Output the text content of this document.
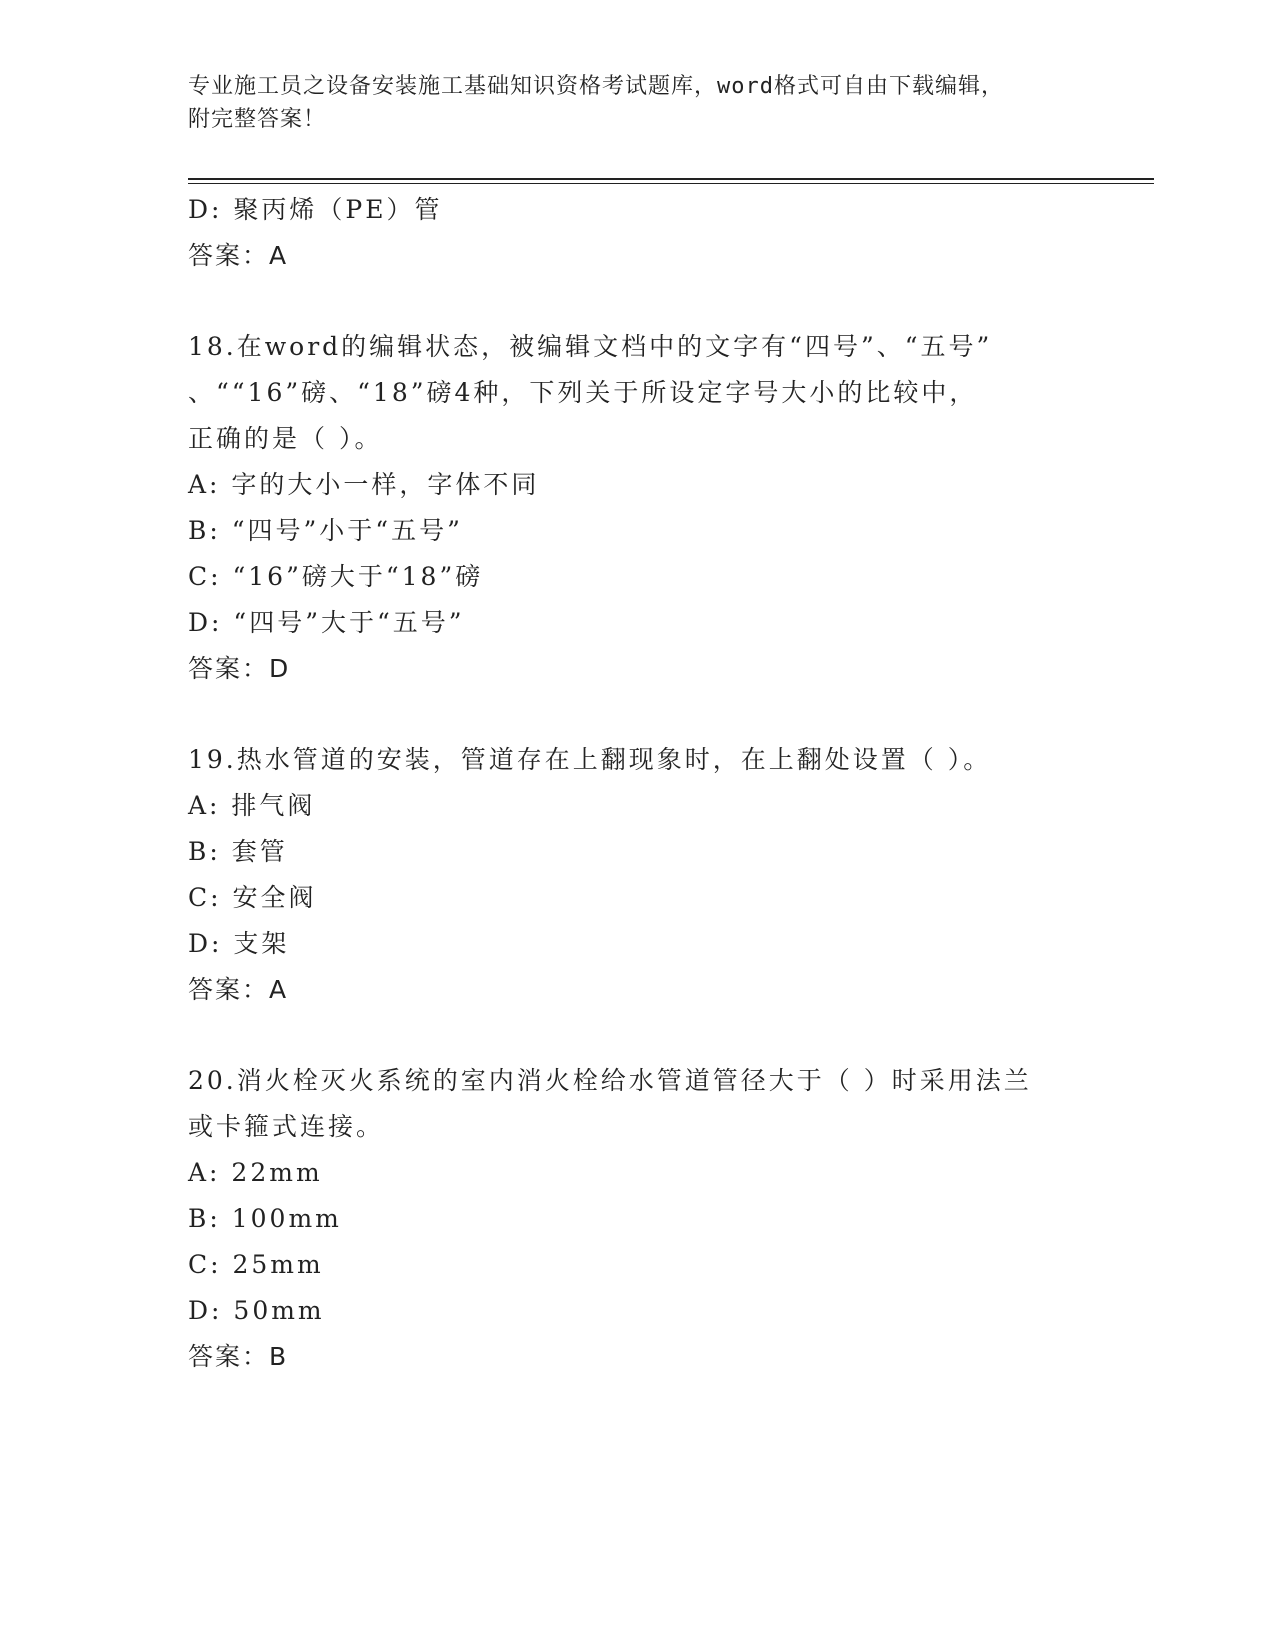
专业施工员之设备安装施工基础知识资格考试题库，word格式可自由下载编辑，
附完整答案！
D: 聚丙烯（PE）管
答案：A
18.在word的编辑状态，被编辑文档中的文字有“四号”、“五号”
、““16”磅、“18”磅4种，下列关于所设定字号大小的比较中，
正确的是（ ）。
A: 字的大小一样，字体不同
B: “四号”小于“五号”
C: “16”磅大于“18”磅
D: “四号”大于“五号”
答案：D
19.热水管道的安装，管道存在上翻现象时，在上翻处设置（ ）。
A: 排气阀
B: 套管
C: 安全阀
D: 支架
答案：A
20.消火栓灭火系统的室内消火栓给水管道管径大于（ ）时采用法兰
或卡箍式连接。
A: 22mm
B: 100mm
C: 25mm
D: 50mm
答案：B
